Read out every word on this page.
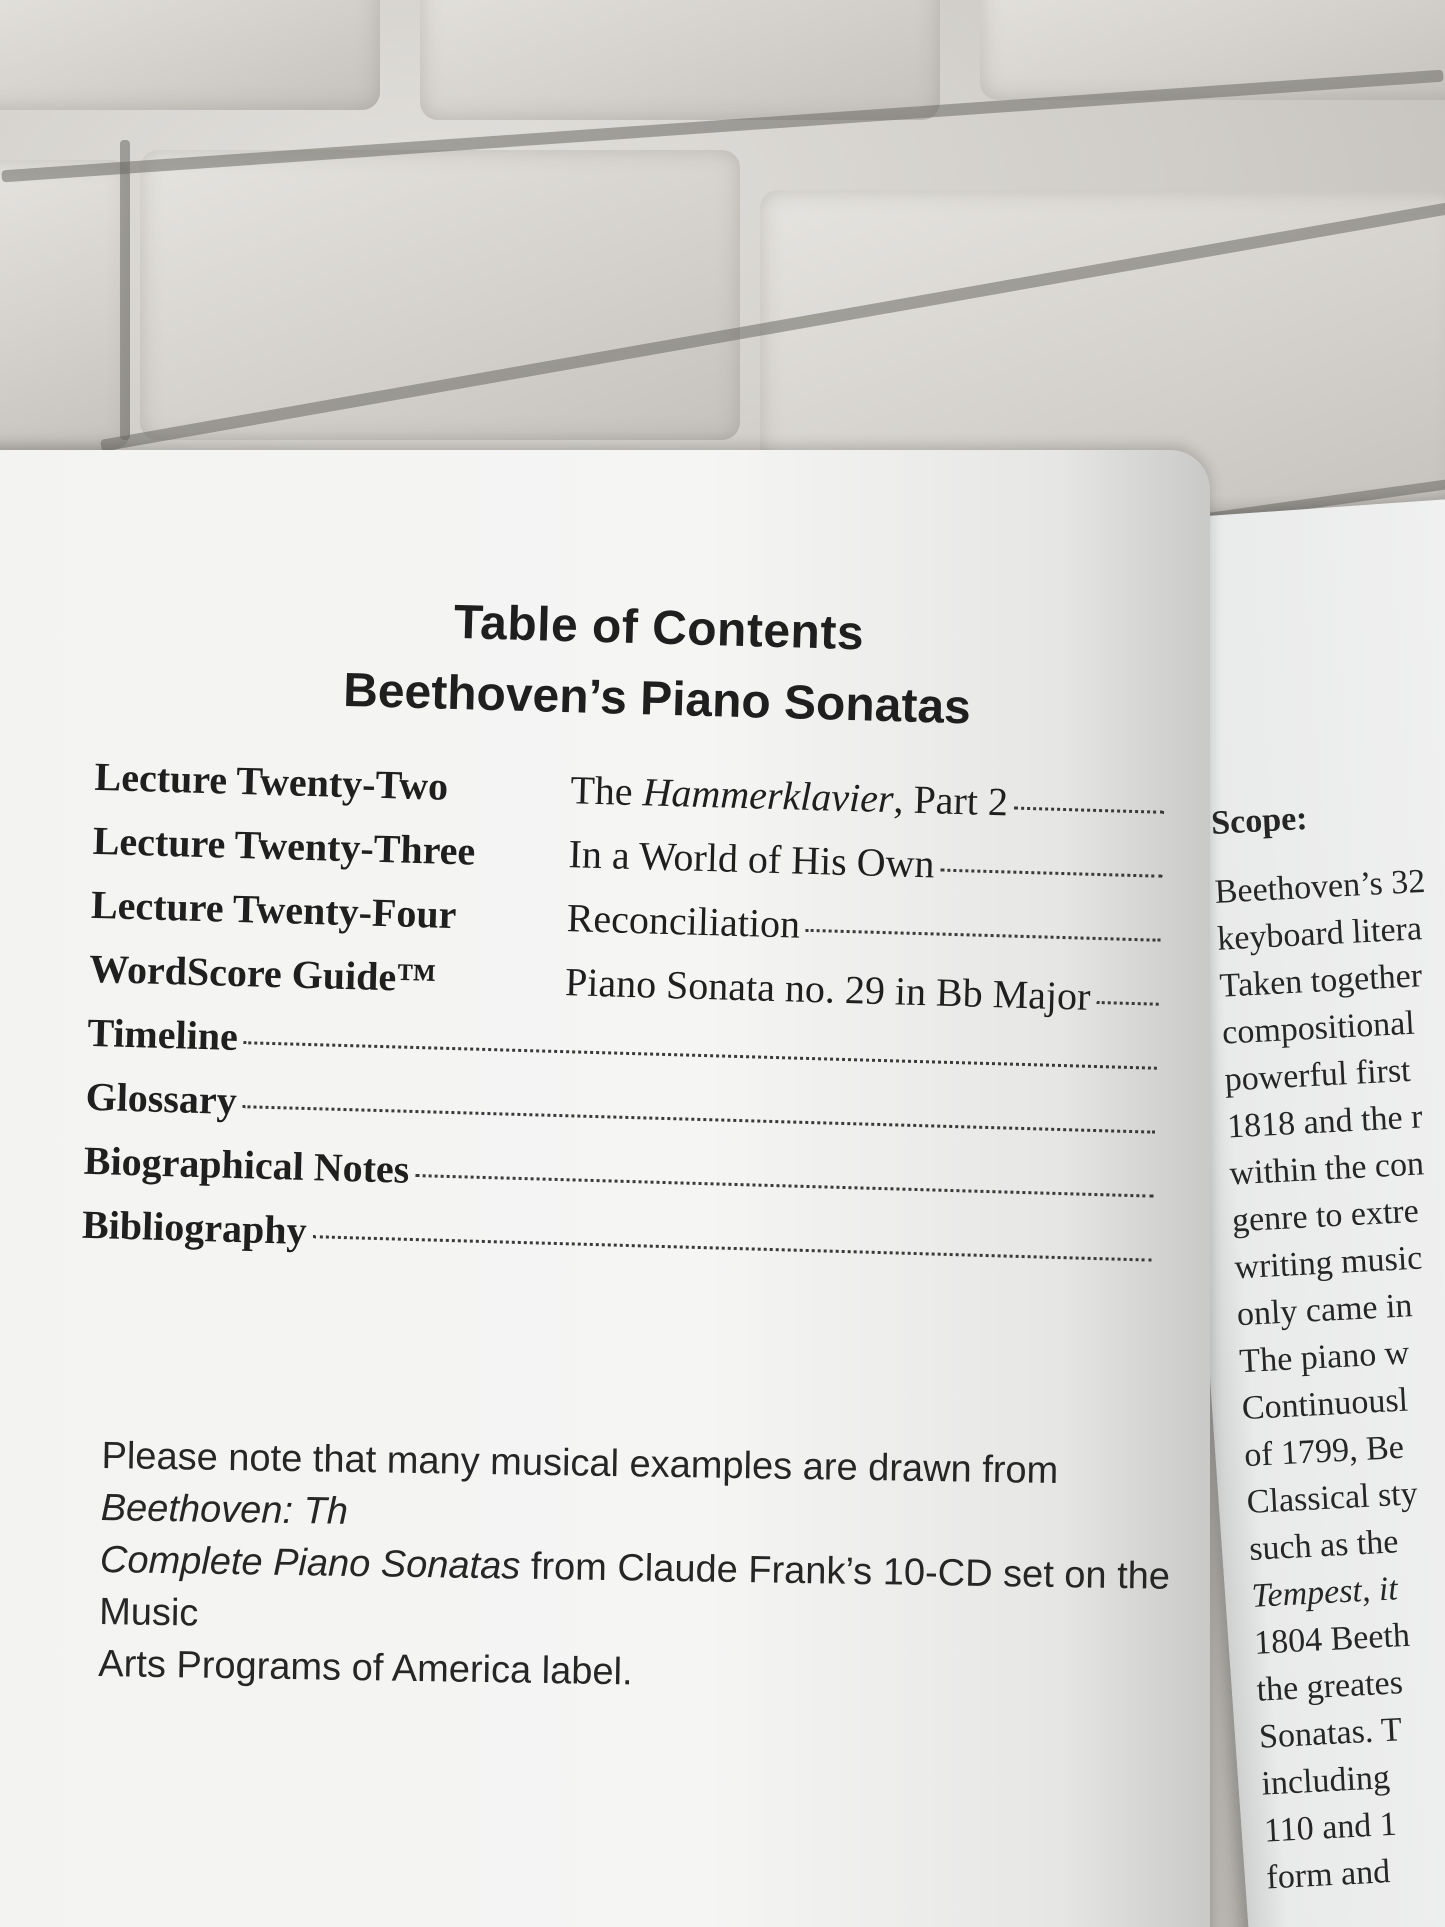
Table of Contents
Beethoven’s Piano Sonatas
Lecture Twenty-Two	The Hammerklavier, Part 2
Lecture Twenty-Three	In a World of His Own
Lecture Twenty-Four	Reconciliation
WordScore Guide™	Piano Sonata no. 29 in Bb Major
Timeline
Glossary
Biographical Notes
Bibliography
Please note that many musical examples are drawn from Beethoven: Th
Complete Piano Sonatas from Claude Frank’s 10-CD set on the Music
Arts Programs of America label.
Scope:
Beethoven’s 32
keyboard litera
Taken together
compositional
powerful first
1818 and the r
within the con
genre to extre
writing music
only came in
The piano w
Continuousl
of 1799, Be
Classical sty
such as the
Tempest, it
1804 Beeth
the greates
Sonatas. T
including
110 and 1
form and
